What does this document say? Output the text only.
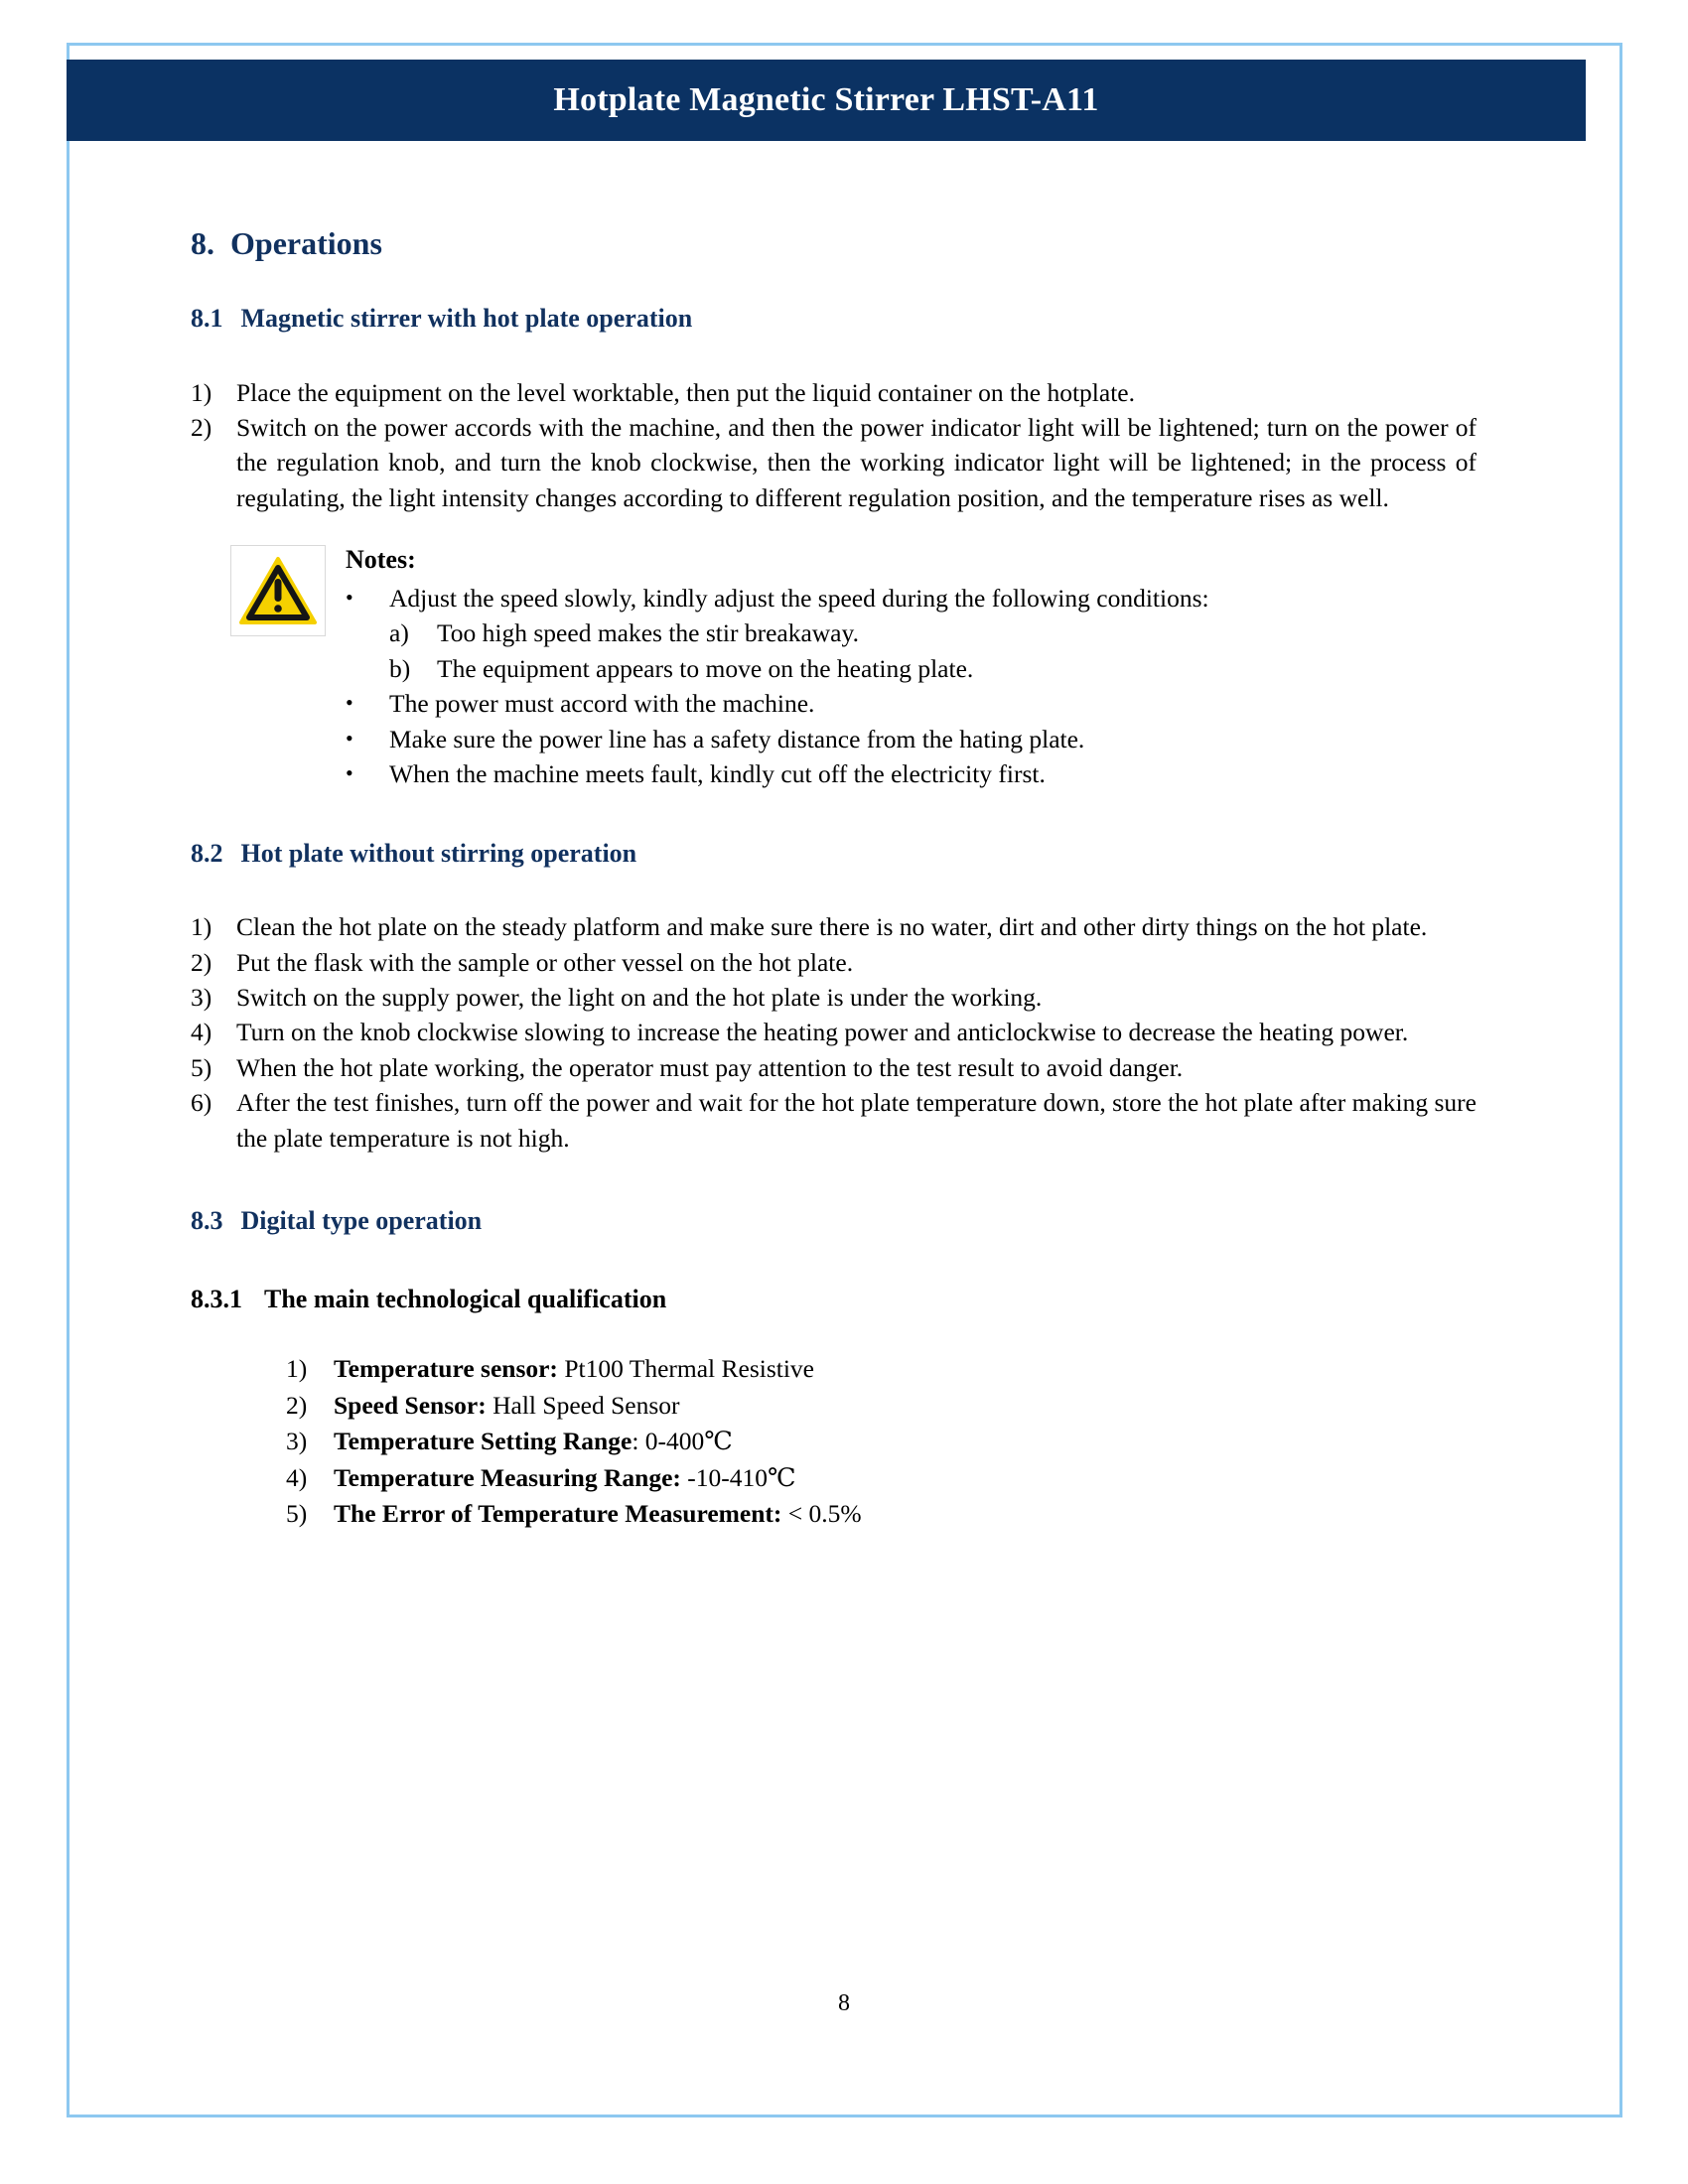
Hotplate Magnetic Stirrer LHST-A11
8. Operations
8.1 Magnetic stirrer with hot plate operation
1) Place the equipment on the level worktable, then put the liquid container on the hotplate.
2) Switch on the power accords with the machine, and then the power indicator light will be lightened; turn on the power of the regulation knob, and turn the knob clockwise, then the working indicator light will be lightened; in the process of regulating, the light intensity changes according to different regulation position, and the temperature rises as well.
Notes:
•	Adjust the speed slowly, kindly adjust the speed during the following conditions:
a)	Too high speed makes the stir breakaway.
b)	The equipment appears to move on the heating plate.
•	The power must accord with the machine.
•	Make sure the power line has a safety distance from the hating plate.
•	When the machine meets fault, kindly cut off the electricity first.
8.2 Hot plate without stirring operation
1) Clean the hot plate on the steady platform and make sure there is no water, dirt and other dirty things on the hot plate.
2) Put the flask with the sample or other vessel on the hot plate.
3) Switch on the supply power, the light on and the hot plate is under the working.
4) Turn on the knob clockwise slowing to increase the heating power and anticlockwise to decrease the heating power.
5) When the hot plate working, the operator must pay attention to the test result to avoid danger.
6) After the test finishes, turn off the power and wait for the hot plate temperature down, store the hot plate after making sure the plate temperature is not high.
8.3 Digital type operation
8.3.1 The main technological qualification
1)	Temperature sensor: Pt100 Thermal Resistive
2)	Speed Sensor: Hall Speed Sensor
3)	Temperature Setting Range: 0-400℃
4)	Temperature Measuring Range: -10-410℃
5)	The Error of Temperature Measurement: < 0.5%
8
